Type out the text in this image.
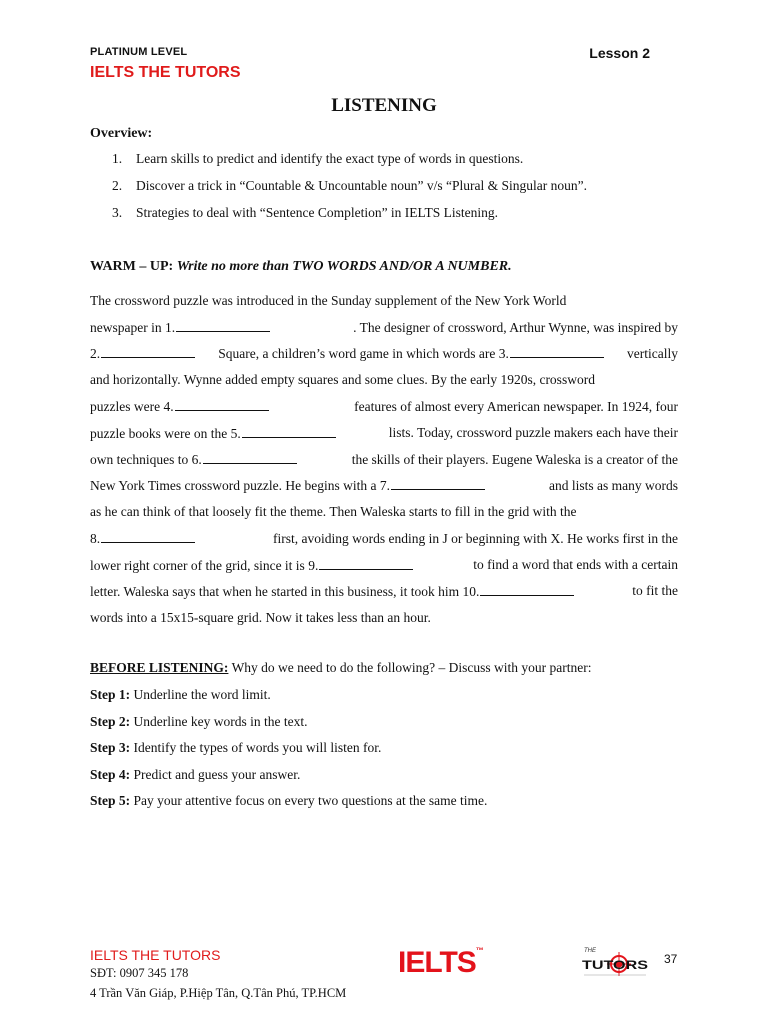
PLATINUM LEVEL	Lesson 2
IELTS THE TUTORS
LISTENING
Overview:
1. Learn skills to predict and identify the exact type of words in questions.
2. Discover a trick in “Countable & Uncountable noun” v/s “Plural & Singular noun”.
3. Strategies to deal with “Sentence Completion” in IELTS Listening.
WARM – UP: Write no more than TWO WORDS AND/OR A NUMBER.
The crossword puzzle was introduced in the Sunday supplement of the New York World
newspaper in 1.	. The designer of crossword, Arthur Wynne, was inspired by
2.	Square, a children’s word game in which words are 3.	vertically
and horizontally. Wynne added empty squares and some clues. By the early 1920s, crossword
puzzles were 4.	features of almost every American newspaper. In 1924, four
puzzle books were on the 5.	lists. Today, crossword puzzle makers each have their
own techniques to 6.	the skills of their players. Eugene Waleska is a creator of the
New York Times crossword puzzle. He begins with a 7.	and lists as many words
as he can think of that loosely fit the theme. Then Waleska starts to fill in the grid with the
8.	first, avoiding words ending in J or beginning with X. He works first in the
lower right corner of the grid, since it is 9.	to find a word that ends with a certain
letter. Waleska says that when he started in this business, it took him 10.	to fit the
words into a 15x15-square grid. Now it takes less than an hour.
BEFORE LISTENING: Why do we need to do the following? – Discuss with your partner:
Step 1: Underline the word limit.
Step 2: Underline key words in the text.
Step 3: Identify the types of words you will listen for.
Step 4: Predict and guess your answer.
Step 5: Pay your attentive focus on every two questions at the same time.
IELTS THE TUTORS
SĐT: 0907 345 178
4 Trần Văn Giáp, P.Hiệp Tân, Q.Tân Phú, TP.HCM
IELTS™	THE
TUTORS 37
